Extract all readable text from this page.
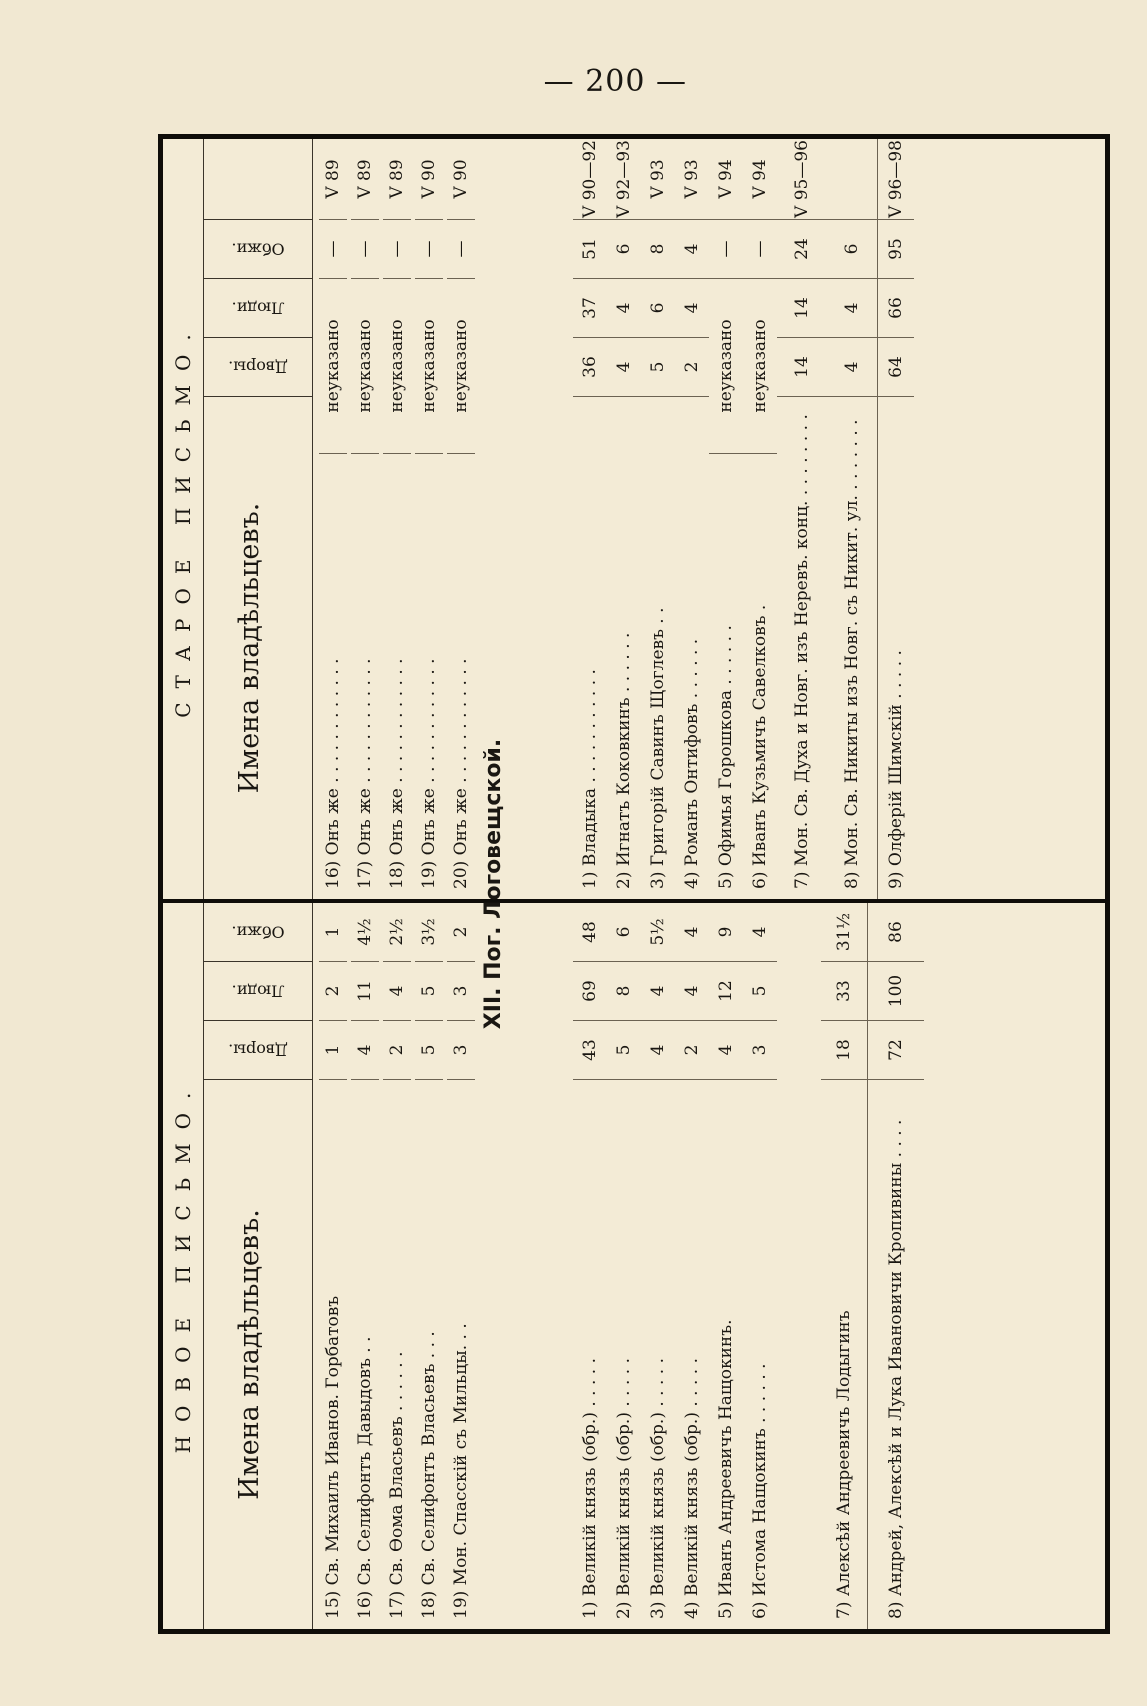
— 200 —
НОВОЕ ПИСЬМО.	Имена владѣльцевъ.
Дворы.
Люди.
Обжи.
15) Св. Михаилъ Иванов. Горбатовъ
1
2
1
16) Св. Селифонтъ Давыдовъ . .
4
11
4½
17) Св. Ѳома Власьевъ . . . . . .
2
4
2½
18) Св. Селифонтъ Власьевъ . . .
5
5
3½
19) Мон. Спасскiй съ Мильцы. . .
3
3
2
1) Великiй князь (обр.) . . . . .
43
69
48
2) Великiй князь (обр.) . . . . .
5
8
6
3) Великiй князь (обр.) . . . . .
4
4
5½
4) Великiй князь (обр.) . . . . .
2
4
4
5) Иванъ Андреевичъ Нащокинъ.
4
12
9
6) Истома Нащокинъ . . . . . .
3
5
4
7) Алексѣй Андреевичъ Лодыгинъ
18
33
31½
8) Андрей, Алексѣй и Лука Ивановичи Кропивины . . . .
72
100
86
СТАРОЕ ПИСЬМО.	Имена владѣльцевъ.
Дворы.
Люди.
Обжи.
16) Онъ же . . . . . . . . . . . .
неуказано
—
V 89
17) Онъ же . . . . . . . . . . . .
неуказано
—
V 89
18) Онъ же . . . . . . . . . . . .
неуказано
—
V 89
19) Онъ же . . . . . . . . . . . .
неуказано
—
V 90
20) Онъ же . . . . . . . . . . . .
неуказано
—
V 90
1) Владыка . . . . . . . . . . .
36
37
51
V 90—92
2) Игнатъ Коковкинъ . . . . . .
4
4
6
V 92—93
3) Григорiй Савинъ Щоглевъ . .
5
6
8
V 93
4) Романъ Онтифовъ . . . . . .
2
4
4
V 93
5) Офимья Горошкова . . . . . .
неуказано
—
V 94
6) Иванъ Кузьмичъ Савелковъ .
неуказано
—
V 94
7) Мон. Св. Духа и Новг. изъ Неревъ. конц. . . . . . . . .
14
14
24
V 95—96
8) Мон. Св. Никиты изъ Новг. съ Никит. ул. . . . . . . .
4
4
6
9) Олферiй Шимскiй . . . . .
64
66
95
V 96—98
XII. Пог. Логовещской.
